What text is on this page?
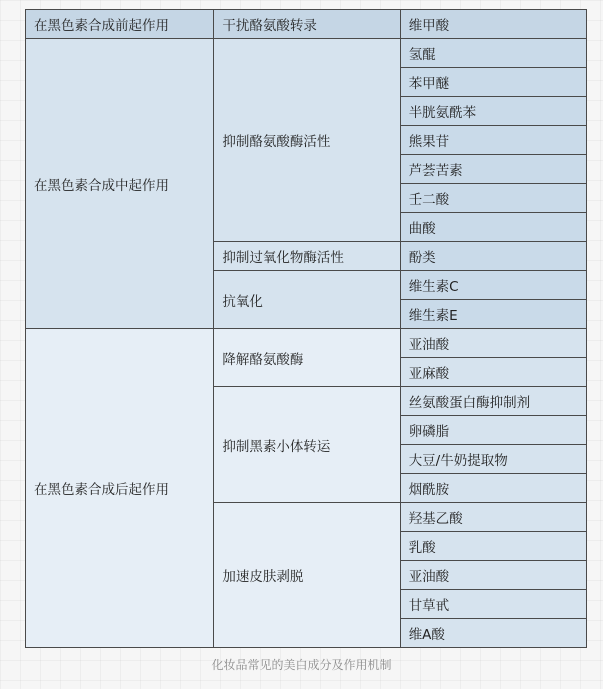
在黑色素合成前起作用	干扰酪氨酸转录	维甲酸
在黑色素合成中起作用	抑制酪氨酸酶活性	氢醌
		苯甲醚
		半胱氨酰苯
		熊果苷
		芦荟苦素
		壬二酸
		曲酸
	抑制过氧化物酶活性	酚类
	抗氧化	维生素C
		维生素E
在黑色素合成后起作用	降解酪氨酸酶	亚油酸
		亚麻酸
	抑制黑素小体转运	丝氨酸蛋白酶抑制剂
		卵磷脂
		大豆/牛奶提取物
		烟酰胺
	加速皮肤剥脱	羟基乙酸
		乳酸
		亚油酸
		甘草甙
		维A酸
化妆品常见的美白成分及作用机制
